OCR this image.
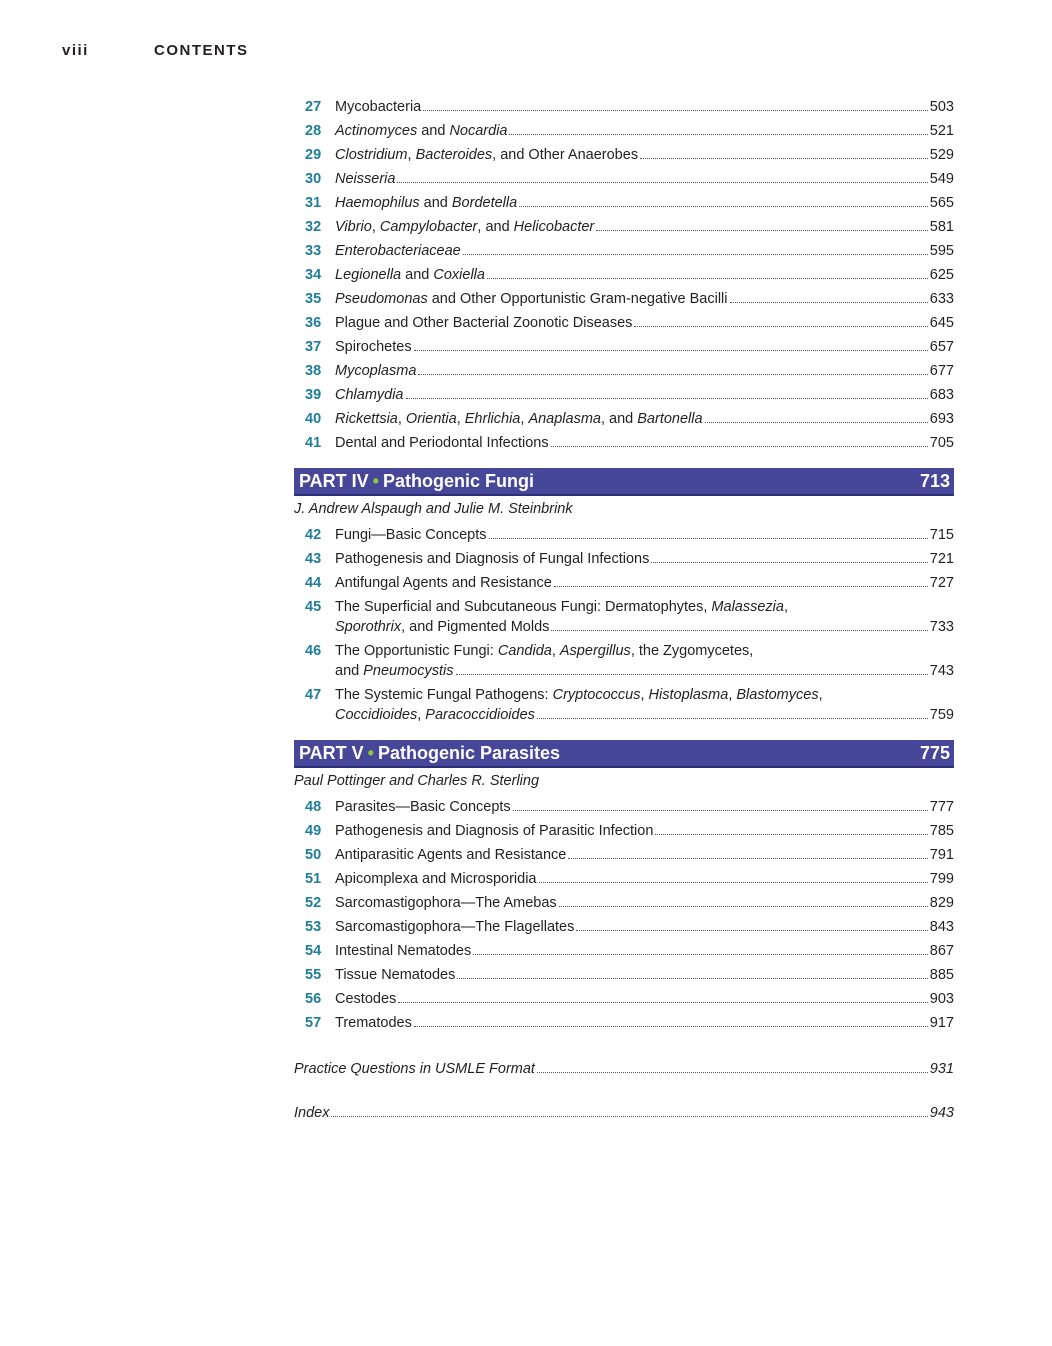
viii	CONTENTS
27 Mycobacteria	503
28 Actinomyces and Nocardia	521
29 Clostridium, Bacteroides, and Other Anaerobes	529
30 Neisseria	549
31 Haemophilus and Bordetella	565
32 Vibrio, Campylobacter, and Helicobacter	581
33 Enterobacteriaceae	595
34 Legionella and Coxiella	625
35 Pseudomonas and Other Opportunistic Gram-negative Bacilli	633
36 Plague and Other Bacterial Zoonotic Diseases	645
37 Spirochetes	657
38 Mycoplasma	677
39 Chlamydia	683
40 Rickettsia, Orientia, Ehrlichia, Anaplasma, and Bartonella	693
41 Dental and Periodontal Infections	705
PART IV • Pathogenic Fungi	713
J. Andrew Alspaugh and Julie M. Steinbrink
42 Fungi—Basic Concepts	715
43 Pathogenesis and Diagnosis of Fungal Infections	721
44 Antifungal Agents and Resistance	727
45 The Superficial and Subcutaneous Fungi: Dermatophytes, Malassezia,
Sporothrix, and Pigmented Molds	733
46 The Opportunistic Fungi: Candida, Aspergillus, the Zygomycetes,
and Pneumocystis	743
47 The Systemic Fungal Pathogens: Cryptococcus, Histoplasma, Blastomyces,
Coccidioides, Paracoccidioides	759
PART V • Pathogenic Parasites	775
Paul Pottinger and Charles R. Sterling
48 Parasites—Basic Concepts	777
49 Pathogenesis and Diagnosis of Parasitic Infection	785
50 Antiparasitic Agents and Resistance	791
51 Apicomplexa and Microsporidia	799
52 Sarcomastigophora—The Amebas	829
53 Sarcomastigophora—The Flagellates	843
54 Intestinal Nematodes	867
55 Tissue Nematodes	885
56 Cestodes	903
57 Trematodes	917
Practice Questions in USMLE Format	931
Index	943
